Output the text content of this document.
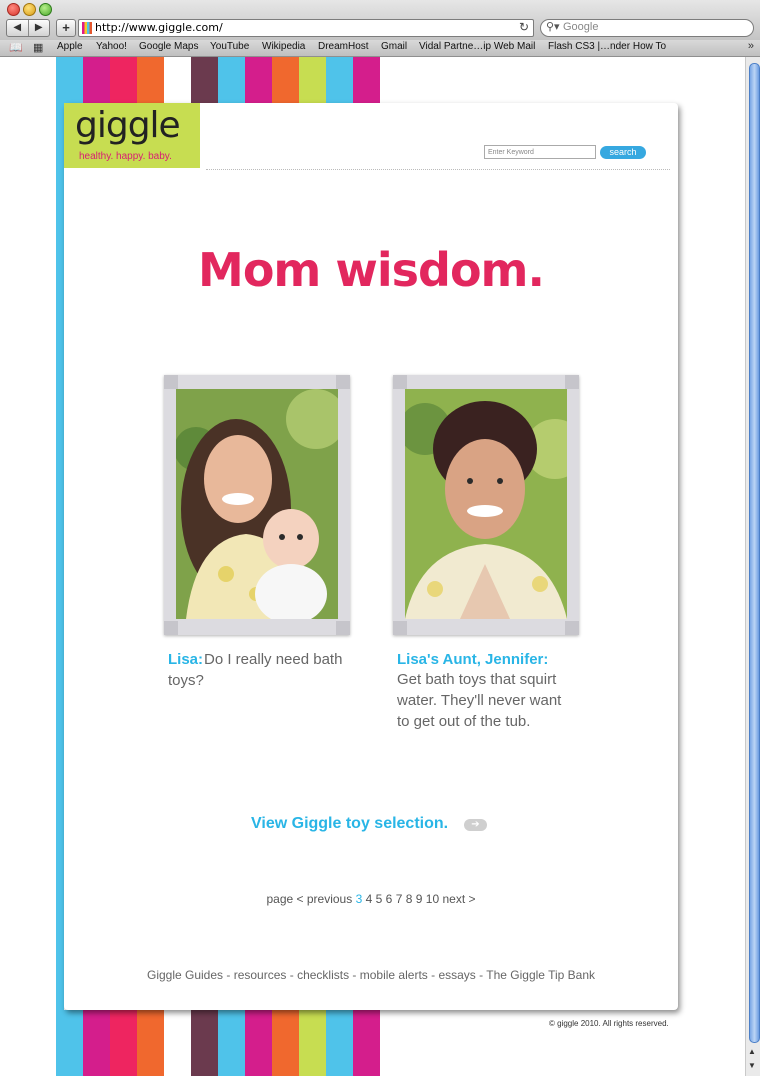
◀	▶	+	http://www.giggle.com/	↻ ⚲▾ Google
📖 ▦ Apple Yahoo! Google Maps YouTube Wikipedia DreamHost Gmail Vidal Partne…ip Web Mail Flash CS3 |…nder How To	»
▲
▼
giggle
healthy. happy. baby.	Enter Keyword	search
Mom wisdom.
Lisa: Do I really need bath toys?
Lisa's Aunt, Jennifer:
Get bath toys that squirt water. They'll never want to get out of the tub.
View Giggle toy selection.	➔
page < previous 3 4 5 6 7 8 9 10 next >
Giggle Guides - resources - checklists - mobile alerts - essays - The Giggle Tip Bank
© giggle 2010. All rights reserved.
